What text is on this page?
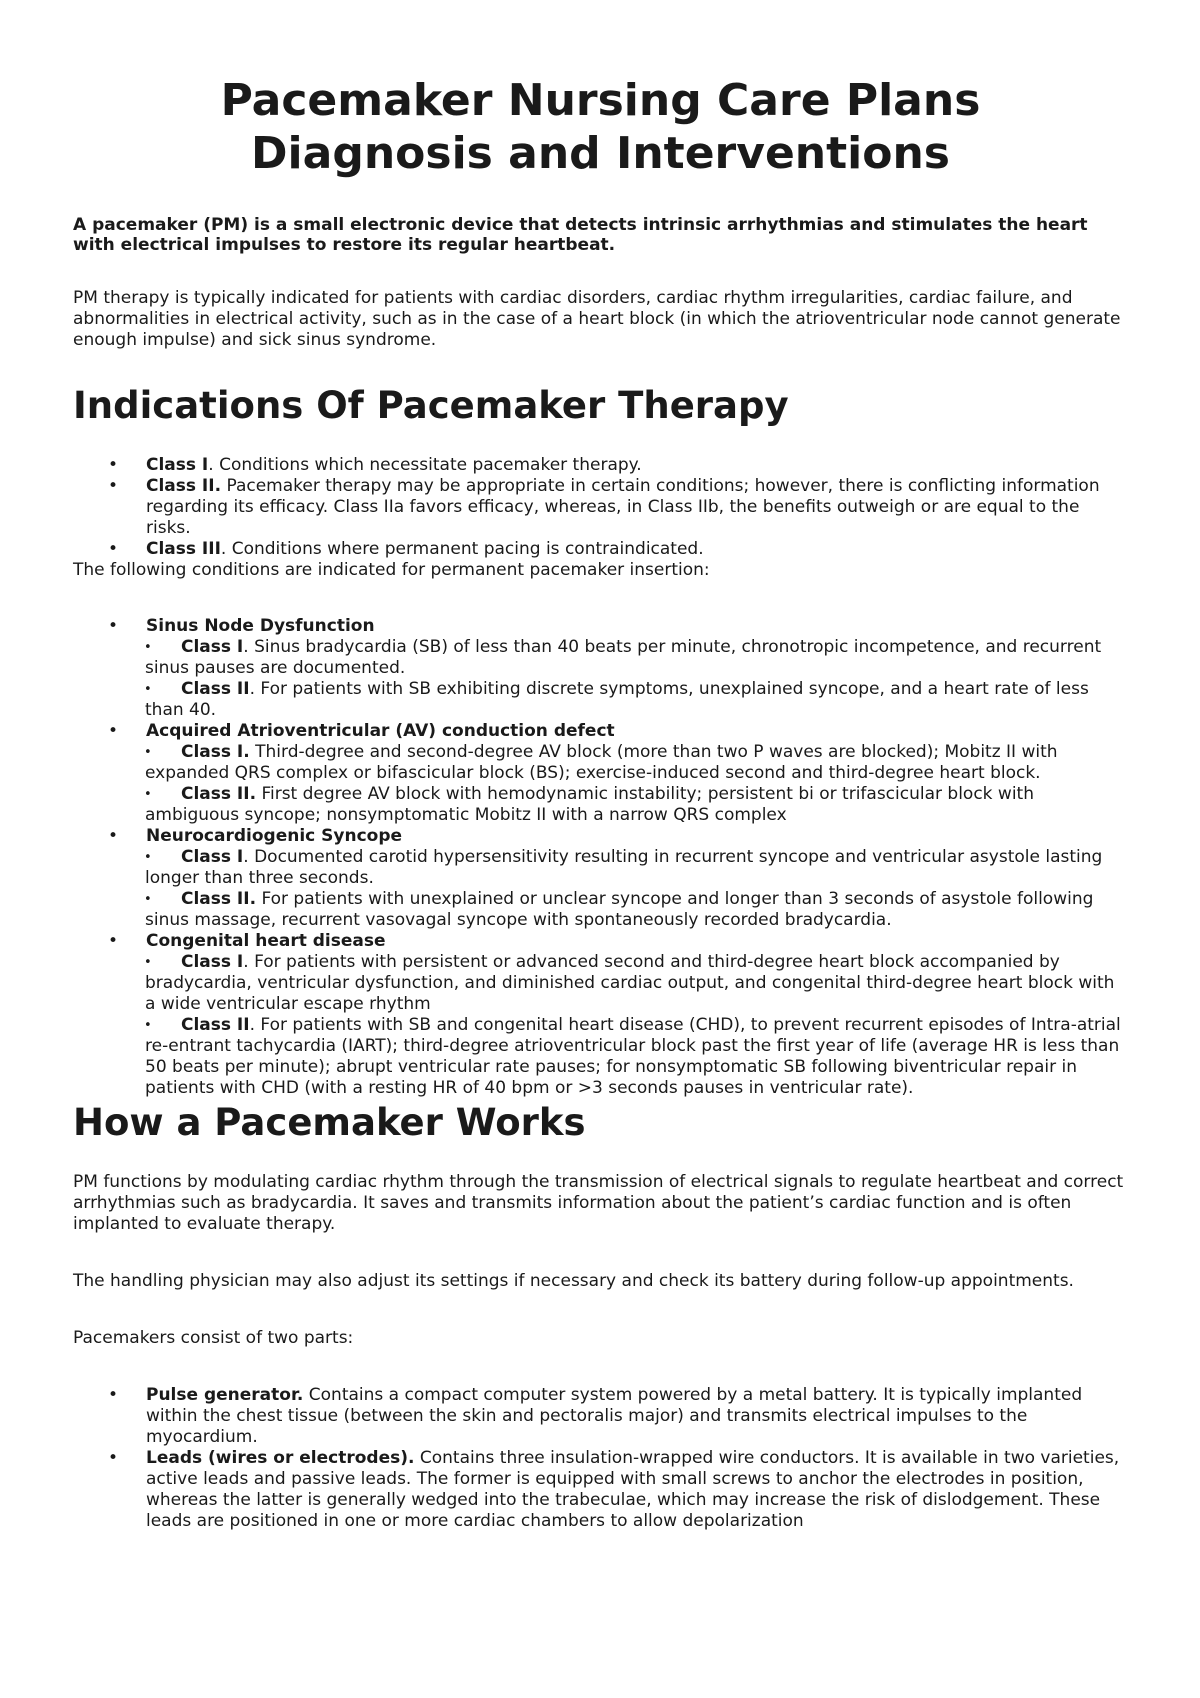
Pacemaker Nursing Care Plans
Diagnosis and Interventions

A pacemaker (PM) is a small electronic device that detects intrinsic arrhythmias and stimulates the heart with electrical impulses to restore its regular heartbeat.

PM therapy is typically indicated for patients with cardiac disorders, cardiac rhythm irregularities, cardiac failure, and abnormalities in electrical activity, such as in the case of a heart block (in which the atrioventricular node cannot generate enough impulse) and sick sinus syndrome.

Indications Of Pacemaker Therapy
• Class I. Conditions which necessitate pacemaker therapy.
• Class II. Pacemaker therapy may be appropriate in certain conditions; however, there is conflicting information regarding its efficacy. Class IIa favors efficacy, whereas, in Class IIb, the benefits outweigh or are equal to the risks.
• Class III. Conditions where permanent pacing is contraindicated.

The following conditions are indicated for permanent pacemaker insertion:

• Sinus Node Dysfunction
• Class I. Sinus bradycardia (SB) of less than 40 beats per minute, chronotropic incompetence, and recurrent sinus pauses are documented.
• Class II. For patients with SB exhibiting discrete symptoms, unexplained syncope, and a heart rate of less than 40.
• Acquired Atrioventricular (AV) conduction defect
• Class I. Third-degree and second-degree AV block (more than two P waves are blocked); Mobitz II with expanded QRS complex or bifascicular block (BS); exercise-induced second and third-degree heart block.
• Class II. First degree AV block with hemodynamic instability; persistent bi or trifascicular block with ambiguous syncope; nonsymptomatic Mobitz II with a narrow QRS complex
• Neurocardiogenic Syncope
• Class I. Documented carotid hypersensitivity resulting in recurrent syncope and ventricular asystole lasting longer than three seconds.
• Class II. For patients with unexplained or unclear syncope and longer than 3 seconds of asystole following sinus massage, recurrent vasovagal syncope with spontaneously recorded bradycardia.
• Congenital heart disease
• Class I. For patients with persistent or advanced second and third-degree heart block accompanied by bradycardia, ventricular dysfunction, and diminished cardiac output, and congenital third-degree heart block with a wide ventricular escape rhythm
• Class II. For patients with SB and congenital heart disease (CHD), to prevent recurrent episodes of Intra-atrial re-entrant tachycardia (IART); third-degree atrioventricular block past the first year of life (average HR is less than 50 beats per minute); abrupt ventricular rate pauses; for nonsymptomatic SB following biventricular repair in patients with CHD (with a resting HR of 40 bpm or >3 seconds pauses in ventricular rate).
How a Pacemaker Works

PM functions by modulating cardiac rhythm through the transmission of electrical signals to regulate heartbeat and correct arrhythmias such as bradycardia. It saves and transmits information about the patient’s cardiac function and is often implanted to evaluate therapy.

The handling physician may also adjust its settings if necessary and check its battery during follow-up appointments.

Pacemakers consist of two parts:

• Pulse generator. Contains a compact computer system powered by a metal battery. It is typically implanted within the chest tissue (between the skin and pectoralis major) and transmits electrical impulses to the myocardium.
• Leads (wires or electrodes). Contains three insulation-wrapped wire conductors. It is available in two varieties, active leads and passive leads. The former is equipped with small screws to anchor the electrodes in position, whereas the latter is generally wedged into the trabeculae, which may increase the risk of dislodgement. These leads are positioned in one or more cardiac chambers to allow depolarization
